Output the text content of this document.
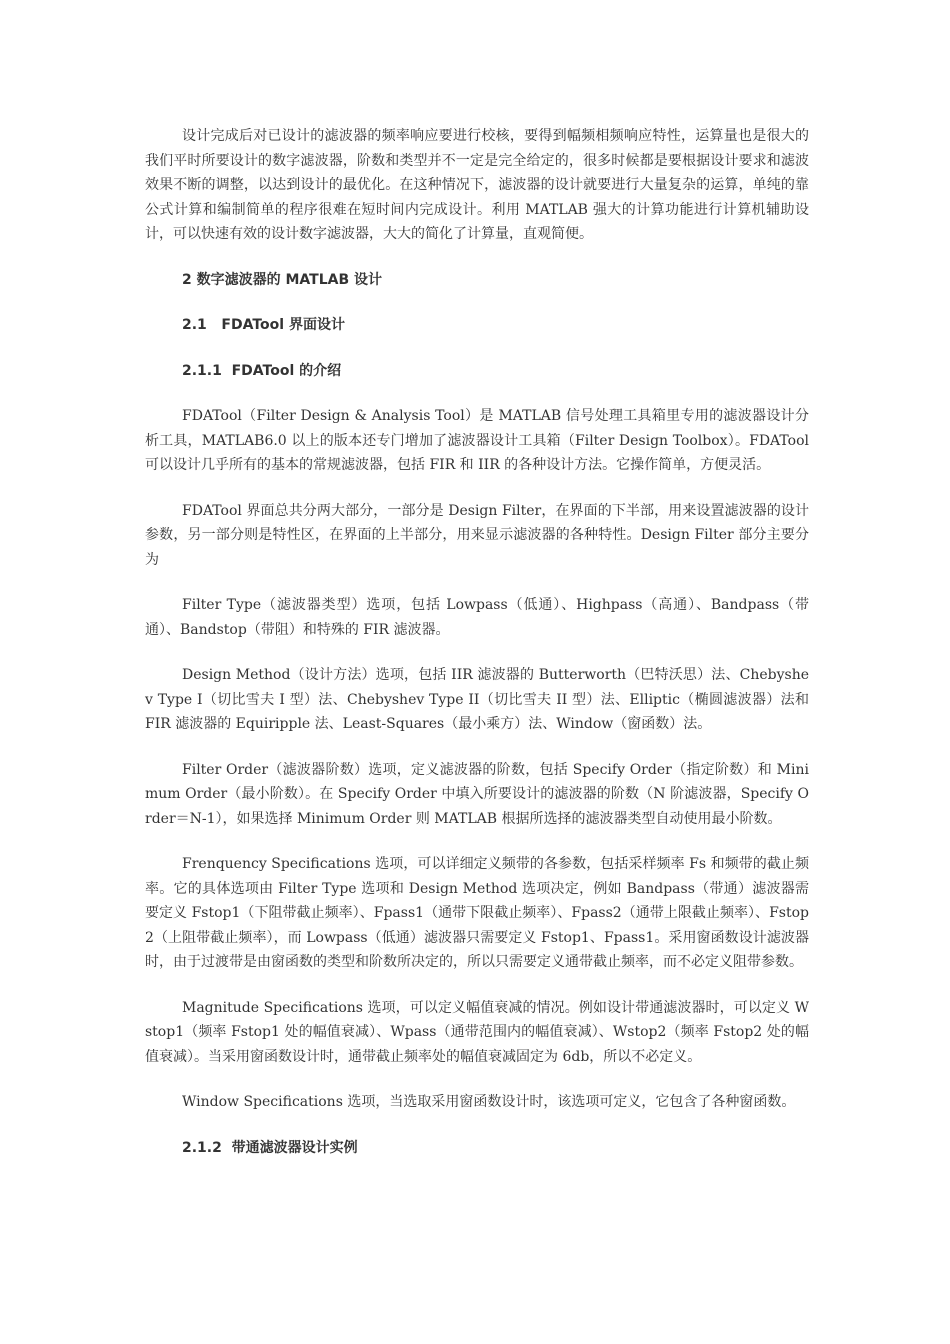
设计完成后对已设计的滤波器的频率响应要进行校核，要得到幅频相频响应特性，运算量也是很大的我们平时所要设计的数字滤波器，阶数和类型并不一定是完全给定的，很多时候都是要根据设计要求和滤波效果不断的调整，以达到设计的最优化。在这种情况下，滤波器的设计就要进行大量复杂的运算，单纯的靠公式计算和编制简单的程序很难在短时间内完成设计。利用 MATLAB 强大的计算功能进行计算机辅助设计，可以快速有效的设计数字滤波器，大大的简化了计算量，直观简便。

2 数字滤波器的 MATLAB 设计
2.1   FDATool 界面设计
2.1.1  FDATool 的介绍

FDATool（Filter Design & Analysis Tool）是 MATLAB 信号处理工具箱里专用的滤波器设计分析工具，MATLAB6.0 以上的版本还专门增加了滤波器设计工具箱（Filter Design Toolbox）。FDATool 可以设计几乎所有的基本的常规滤波器，包括 FIR 和 IIR 的各种设计方法。它操作简单，方便灵活。

FDATool 界面总共分两大部分，一部分是 Design Filter，在界面的下半部，用来设置滤波器的设计参数，另一部分则是特性区，在界面的上半部分，用来显示滤波器的各种特性。Design Filter 部分主要分为

Filter Type（滤波器类型）选项，包括 Lowpass（低通）、Highpass（高通）、Bandpass（带通）、Bandstop（带阻）和特殊的 FIR 滤波器。

Design Method（设计方法）选项，包括 IIR 滤波器的 Butterworth（巴特沃思）法、Chebyshev Type I（切比雪夫 I 型）法、Chebyshev Type II（切比雪夫 II 型）法、Elliptic（椭圆滤波器）法和 FIR 滤波器的 Equiripple 法、Least-Squares（最小乘方）法、Window（窗函数）法。

Filter Order（滤波器阶数）选项，定义滤波器的阶数，包括 Specify Order（指定阶数）和 Minimum Order（最小阶数）。在 Specify Order 中填入所要设计的滤波器的阶数（N 阶滤波器，Specify Order＝N-1），如果选择 Minimum Order 则 MATLAB 根据所选择的滤波器类型自动使用最小阶数。

Frenquency Specifications 选项，可以详细定义频带的各参数，包括采样频率 Fs 和频带的截止频率。它的具体选项由 Filter Type 选项和 Design Method 选项决定，例如 Bandpass（带通）滤波器需要定义 Fstop1（下阻带截止频率）、Fpass1（通带下限截止频率）、Fpass2（通带上限截止频率）、Fstop2（上阻带截止频率），而 Lowpass（低通）滤波器只需要定义 Fstop1、Fpass1。采用窗函数设计滤波器时，由于过渡带是由窗函数的类型和阶数所决定的，所以只需要定义通带截止频率，而不必定义阻带参数。

Magnitude Specifications 选项，可以定义幅值衰减的情况。例如设计带通滤波器时，可以定义 Wstop1（频率 Fstop1 处的幅值衰减）、Wpass（通带范围内的幅值衰减）、Wstop2（频率 Fstop2 处的幅值衰减）。当采用窗函数设计时，通带截止频率处的幅值衰减固定为 6db，所以不必定义。

Window Specifications 选项，当选取采用窗函数设计时，该选项可定义，它包含了各种窗函数。

2.1.2  带通滤波器设计实例
